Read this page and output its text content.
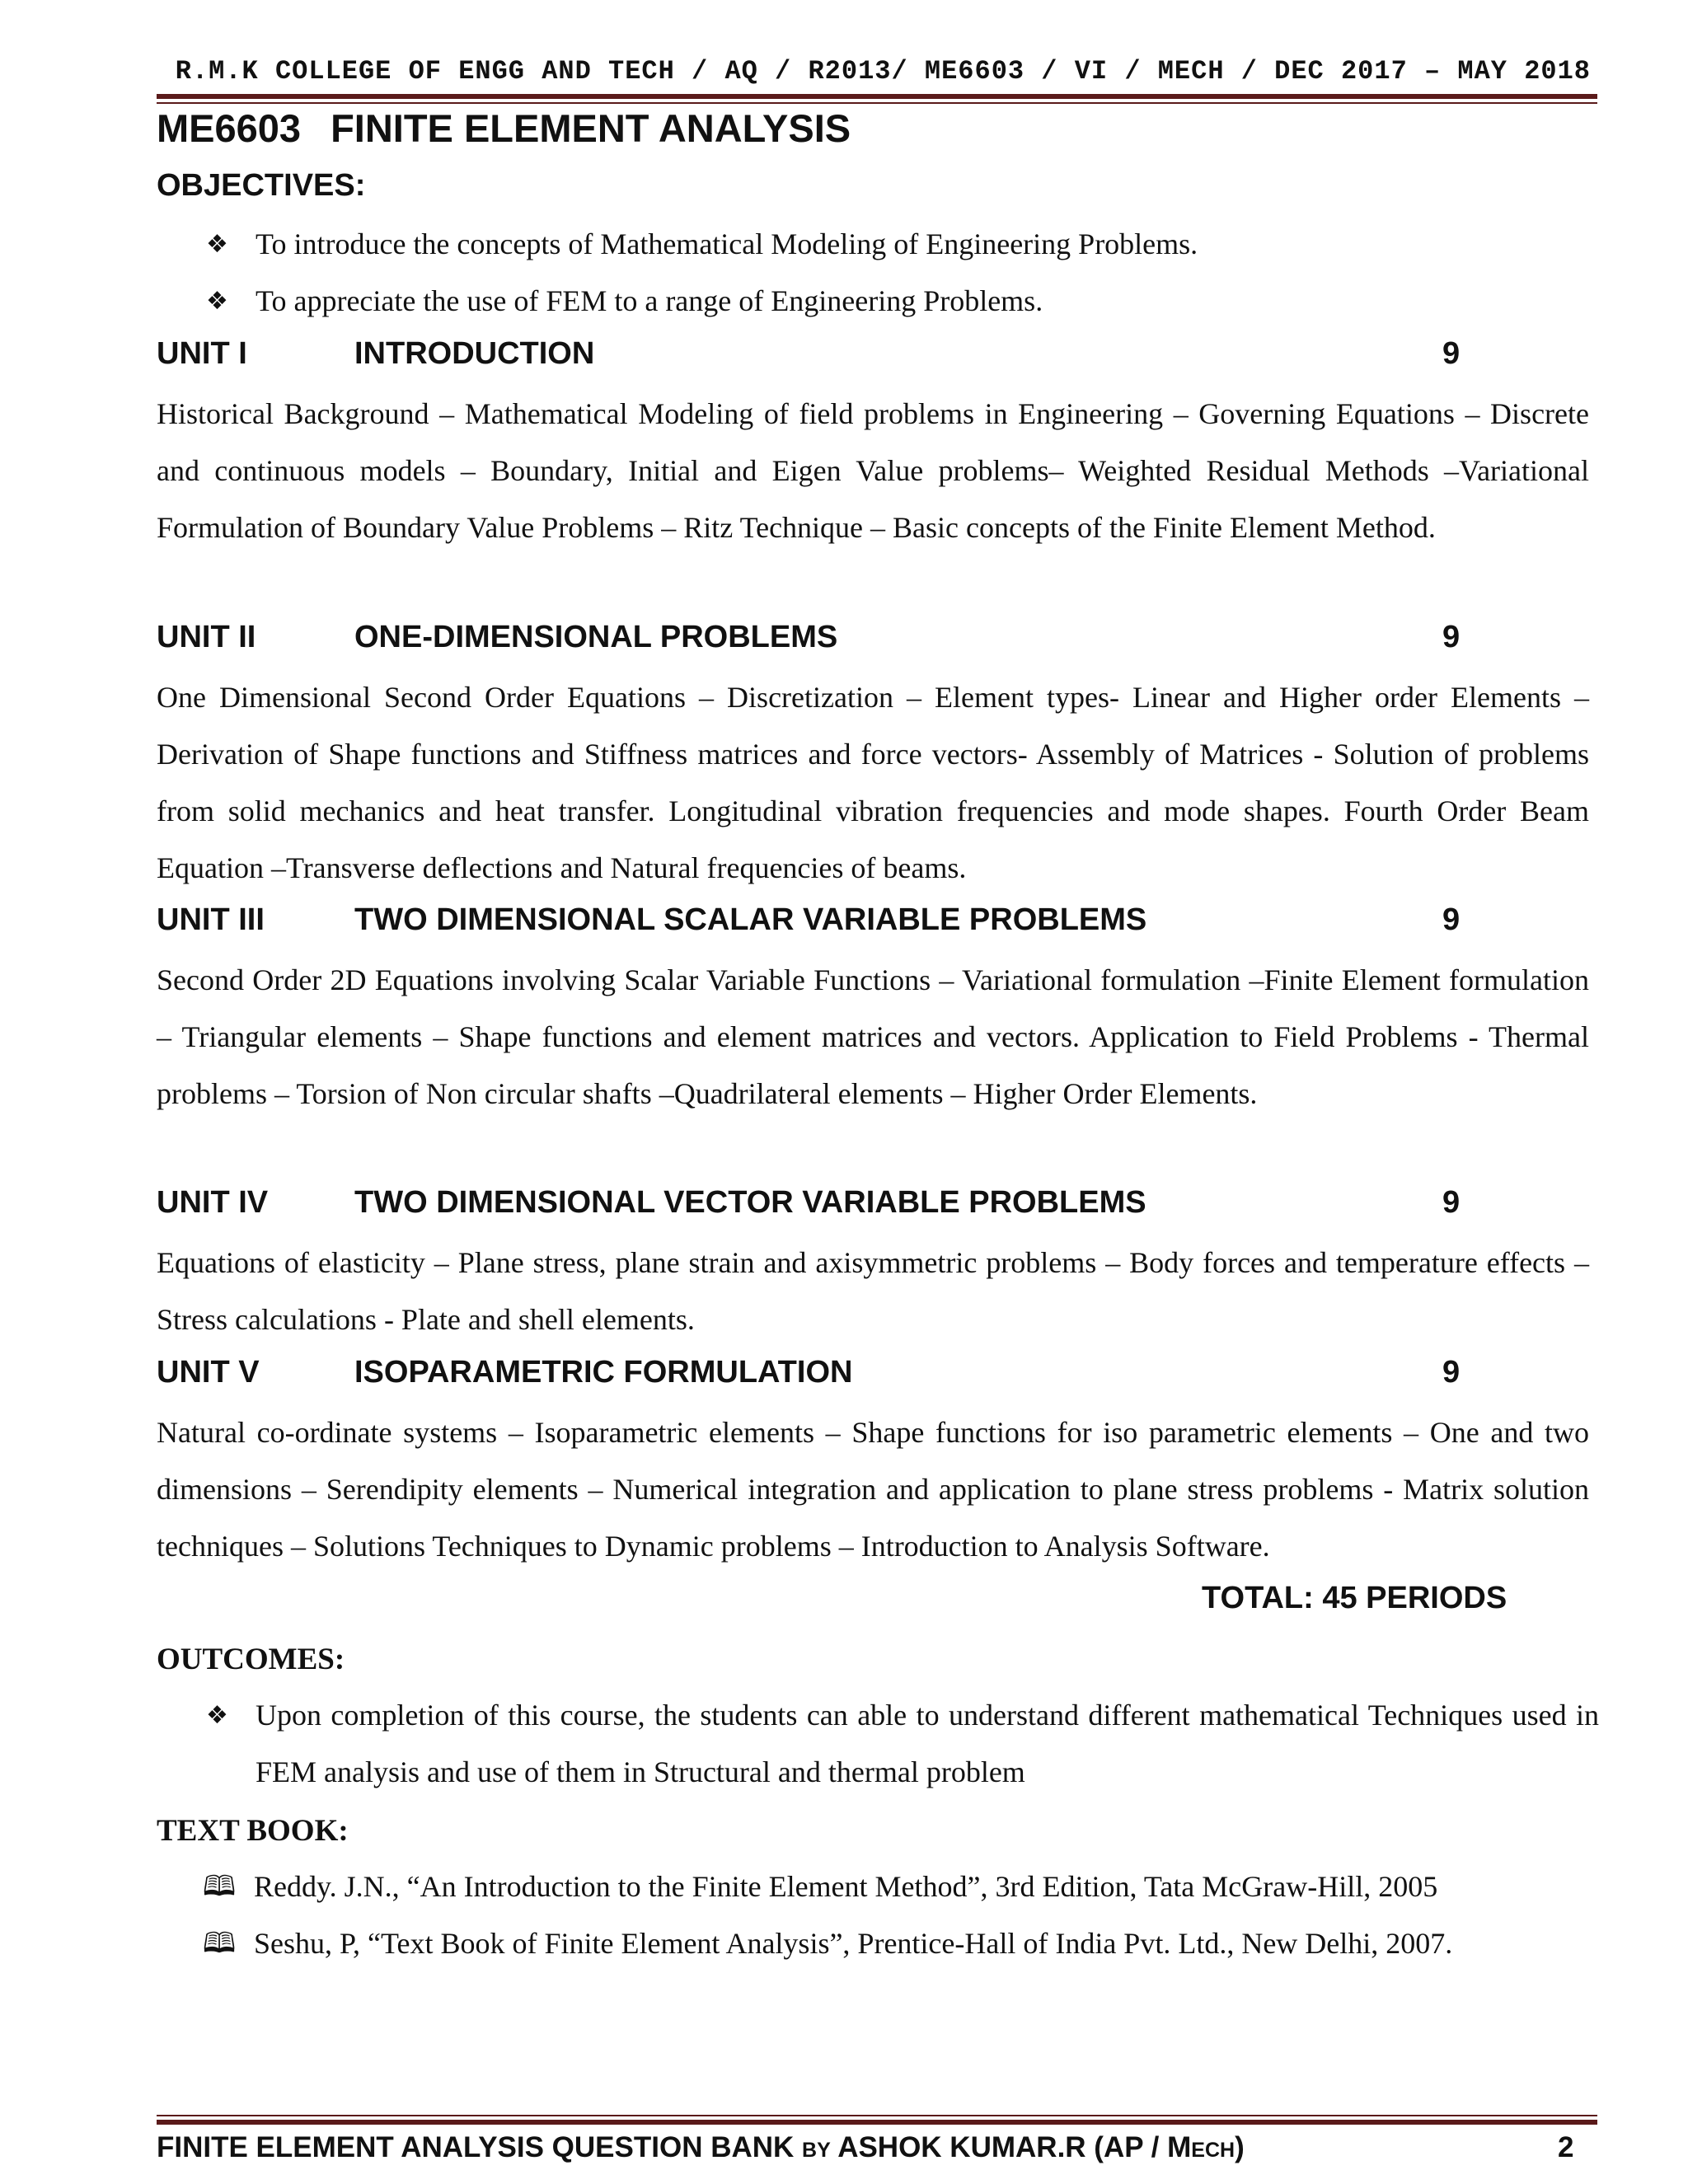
R.M.K COLLEGE OF ENGG AND TECH / AQ / R2013/ ME6603 / VI / MECH / DEC 2017 – MAY 2018
ME6603 FINITE ELEMENT ANALYSIS
OBJECTIVES:
❖ To introduce the concepts of Mathematical Modeling of Engineering Problems.
❖ To appreciate the use of FEM to a range of Engineering Problems.
UNIT I	INTRODUCTION	9
Historical Background – Mathematical Modeling of field problems in Engineering – Governing Equations – Discrete and continuous models – Boundary, Initial and Eigen Value problems– Weighted Residual Methods –Variational Formulation of Boundary Value Problems – Ritz Technique – Basic concepts of the Finite Element Method.
UNIT II	ONE-DIMENSIONAL PROBLEMS	9
One Dimensional Second Order Equations – Discretization – Element types- Linear and Higher order Elements – Derivation of Shape functions and Stiffness matrices and force vectors- Assembly of Matrices - Solution of problems from solid mechanics and heat transfer. Longitudinal vibration frequencies and mode shapes. Fourth Order Beam Equation –Transverse deflections and Natural frequencies of beams.
UNIT III	TWO DIMENSIONAL SCALAR VARIABLE PROBLEMS	9
Second Order 2D Equations involving Scalar Variable Functions – Variational formulation –Finite Element formulation – Triangular elements – Shape functions and element matrices and vectors. Application to Field Problems - Thermal problems – Torsion of Non circular shafts –Quadrilateral elements – Higher Order Elements.
UNIT IV	TWO DIMENSIONAL VECTOR VARIABLE PROBLEMS	9
Equations of elasticity – Plane stress, plane strain and axisymmetric problems – Body forces and temperature effects – Stress calculations - Plate and shell elements.
UNIT V	ISOPARAMETRIC FORMULATION	9
Natural co-ordinate systems – Isoparametric elements – Shape functions for iso parametric elements – One and two dimensions – Serendipity elements – Numerical integration and application to plane stress problems - Matrix solution techniques – Solutions Techniques to Dynamic problems – Introduction to Analysis Software.
TOTAL: 45 PERIODS
OUTCOMES:
❖ Upon completion of this course, the students can able to understand different mathematical Techniques used in FEM analysis and use of them in Structural and thermal problem
TEXT BOOK:
🕮 Reddy. J.N., “An Introduction to the Finite Element Method”, 3rd Edition, Tata McGraw-Hill, 2005
🕮 Seshu, P, “Text Book of Finite Element Analysis”, Prentice-Hall of India Pvt. Ltd., New Delhi, 2007.
FINITE ELEMENT ANALYSIS QUESTION BANK by ASHOK KUMAR.R (AP / Mech)	2
